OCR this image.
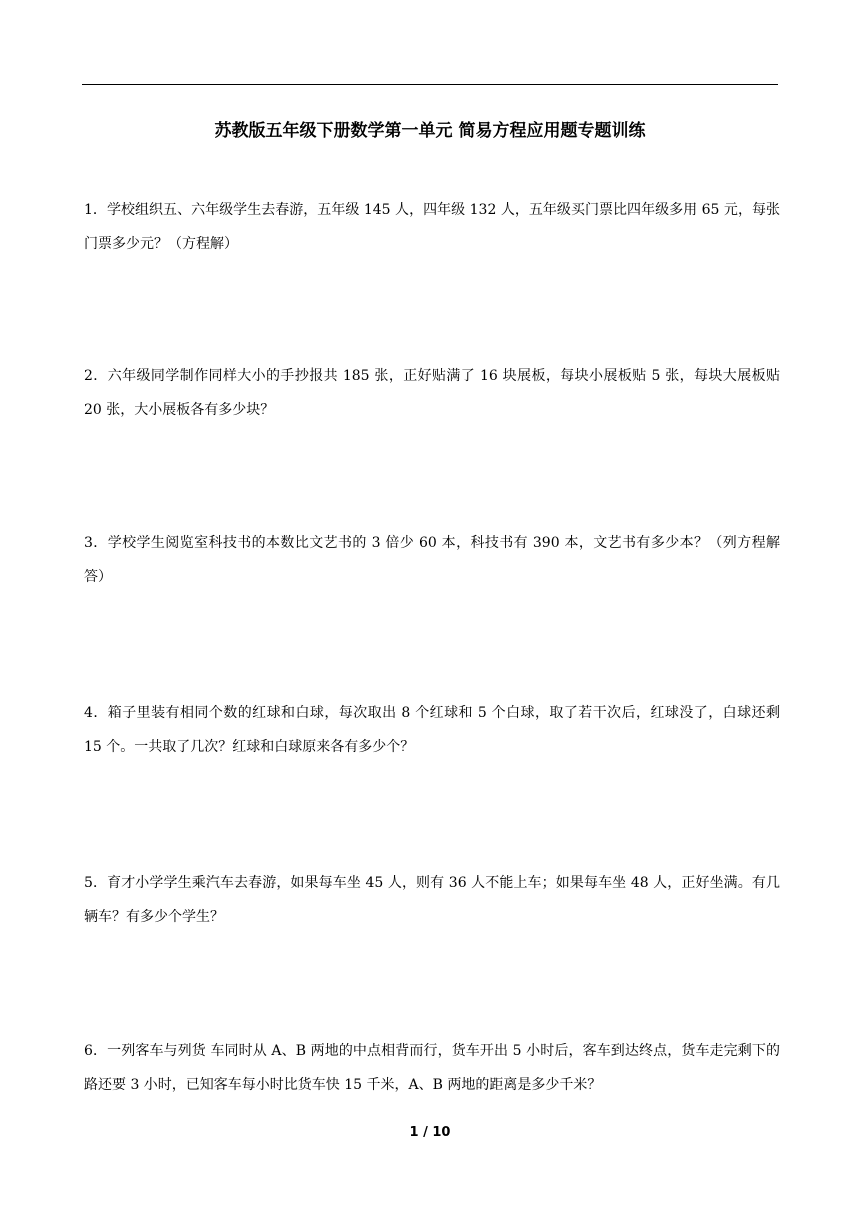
苏教版五年级下册数学第一单元 简易方程应用题专题训练
1．学校组织五、六年级学生去春游，五年级 145 人，四年级 132 人，五年级买门票比四年级多用 65 元，每张门票多少元？（方程解）
2．六年级同学制作同样大小的手抄报共 185 张，正好贴满了 16 块展板，每块小展板贴 5 张，每块大展板贴 20 张，大小展板各有多少块？
3．学校学生阅览室科技书的本数比文艺书的 3 倍少 60 本，科技书有 390 本，文艺书有多少本？（列方程解答）
4．箱子里装有相同个数的红球和白球，每次取出 8 个红球和 5 个白球，取了若干次后，红球没了，白球还剩 15 个。一共取了几次？红球和白球原来各有多少个？
5．育才小学学生乘汽车去春游，如果每车坐 45 人，则有 36 人不能上车；如果每车坐 48 人，正好坐满。有几辆车？有多少个学生？
6．一列客车与列货 车同时从 A、B 两地的中点相背而行，货车开出 5 小时后，客车到达终点，货车走完剩下的路还要 3 小时，已知客车每小时比货车快 15 千米，A、B 两地的距离是多少千米？
1 / 10
